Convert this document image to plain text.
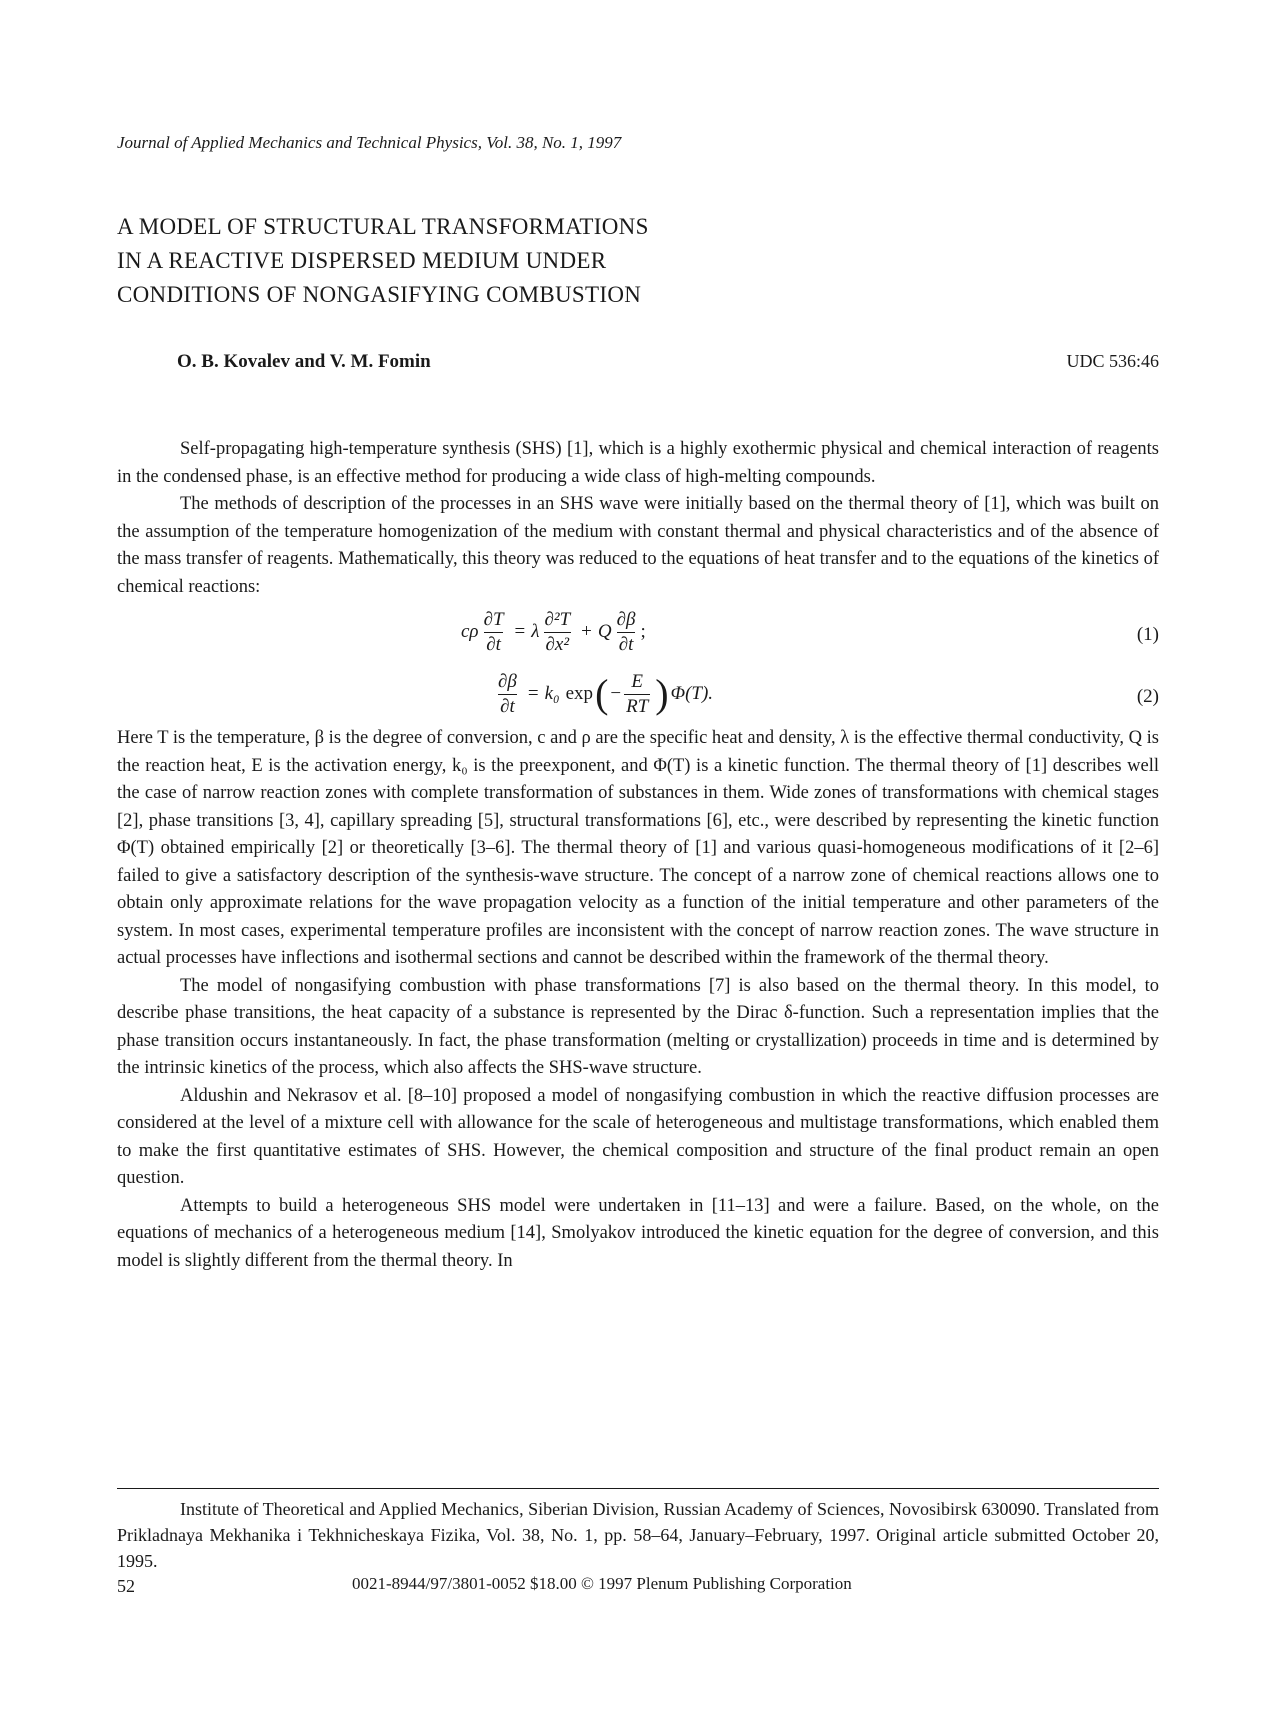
Journal of Applied Mechanics and Technical Physics, Vol. 38, No. 1, 1997
A MODEL OF STRUCTURAL TRANSFORMATIONS
IN A REACTIVE DISPERSED MEDIUM UNDER
CONDITIONS OF NONGASIFYING COMBUSTION
O. B. Kovalev and V. M. Fomin	UDC 536:46

Self-propagating high-temperature synthesis (SHS) [1], which is a highly exothermic physical and chemical interaction of reagents in the condensed phase, is an effective method for producing a wide class of high-melting compounds.

The methods of description of the processes in an SHS wave were initially based on the thermal theory of [1], which was built on the assumption of the temperature homogenization of the medium with constant thermal and physical characteristics and of the absence of the mass transfer of reagents. Mathematically, this theory was reduced to the equations of heat transfer and to the equations of the kinetics of chemical reactions:

cρ $\frac{\partial T}{\partial t} = \lambda \frac{\text{∂²T}}{\text{∂x²}} + Q \frac{\partial\beta}{\partial t}$ ;	(1)
$\frac{\partial\beta}{\partial t} = k_0$ exp ( − $\frac{E}{RT}$ ) Φ(T).	(2)

Here T is the temperature, β is the degree of conversion, c and ρ are the specific heat and density, λ is the effective thermal conductivity, Q is the reaction heat, E is the activation energy, k₀ is the preexponent, and Φ(T) is a kinetic function. The thermal theory of [1] describes well the case of narrow reaction zones with complete transformation of substances in them. Wide zones of transformations with chemical stages [2], phase transitions [3, 4], capillary spreading [5], structural transformations [6], etc., were described by representing the kinetic function Φ(T) obtained empirically [2] or theoretically [3–6]. The thermal theory of [1] and various quasi-homogeneous modifications of it [2–6] failed to give a satisfactory description of the synthesis-wave structure. The concept of a narrow zone of chemical reactions allows one to obtain only approximate relations for the wave propagation velocity as a function of the initial temperature and other parameters of the system. In most cases, experimental temperature profiles are inconsistent with the concept of narrow reaction zones. The wave structure in actual processes have inflections and isothermal sections and cannot be described within the framework of the thermal theory.

The model of nongasifying combustion with phase transformations [7] is also based on the thermal theory. In this model, to describe phase transitions, the heat capacity of a substance is represented by the Dirac δ-function. Such a representation implies that the phase transition occurs instantaneously. In fact, the phase transformation (melting or crystallization) proceeds in time and is determined by the intrinsic kinetics of the process, which also affects the SHS-wave structure.

Aldushin and Nekrasov et al. [8–10] proposed a model of nongasifying combustion in which the reactive diffusion processes are considered at the level of a mixture cell with allowance for the scale of heterogeneous and multistage transformations, which enabled them to make the first quantitative estimates of SHS. However, the chemical composition and structure of the final product remain an open question.

Attempts to build a heterogeneous SHS model were undertaken in [11–13] and were a failure. Based, on the whole, on the equations of mechanics of a heterogeneous medium [14], Smolyakov introduced the kinetic equation for the degree of conversion, and this model is slightly different from the thermal theory. In

Institute of Theoretical and Applied Mechanics, Siberian Division, Russian Academy of Sciences, Novosibirsk 630090. Translated from Prikladnaya Mekhanika i Tekhnicheskaya Fizika, Vol. 38, No. 1, pp. 58–64, January–February, 1997. Original article submitted October 20, 1995.

52	0021-8944/97/3801-0052 $18.00 © 1997 Plenum Publishing Corporation
